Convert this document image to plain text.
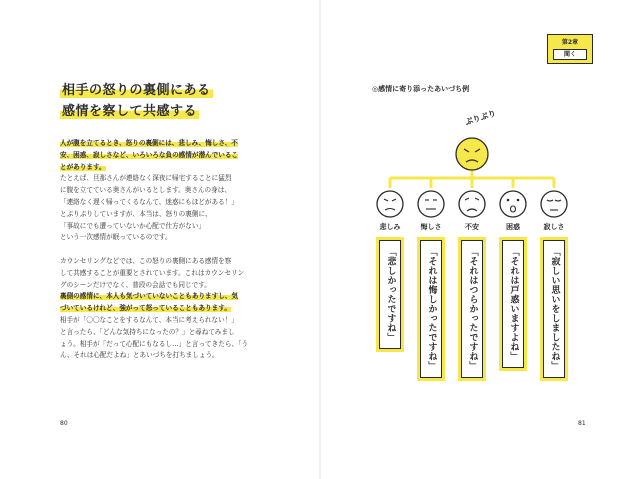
第2章
聞く
相手の怒りの裏側にある
感情を察して共感する

人が腹を立てるとき、怒りの裏側には、悲しみ、悔しさ、不

安、困惑、寂しさなど、いろいろな負の感情が潜んでいるこ

とがあります。

たとえば、旦那さんが連絡なく深夜に帰宅することに猛烈

に腹を立てている奥さんがいるとします。奥さんの身は、

「連絡なく遅く帰ってくるなんて、迷惑にもほどがある！」

とぷりぷりしていますが、本当は、怒りの裏側に、

「事故にでも遭っていないか心配で仕方がない」

という一次感情が眠っているのです。

カウンセリングなどでは、この怒りの裏側にある感情を察

して共感することが重要とされています。これはカウンセリン

グのシーンだけでなく、普段の会話でも同じです。

裏側の感情に、本人も気づいていないこともありますし、気

づいているけれど、強がって怒っていることもあります。

相手が「〇〇なことをするなんて、本当に考えられない！」

と言ったら、「どんな気持ちになったの？」と尋ねてみまし

ょう。相手が「だって心配にもなるし…」と言ってきたら、「う

ん、それは心配だよね」とあいづちを打ちましょう。

80
◎感情に寄り添ったあいづち例
ぷりぷり
悲しみ	悔しさ	不安	困惑	寂しさ
「悲しかったですね」	「それは悔しかったですね」	「それはつらかったですね」	「それは戸惑いますよね」	「寂しい思いをしましたね」
81
